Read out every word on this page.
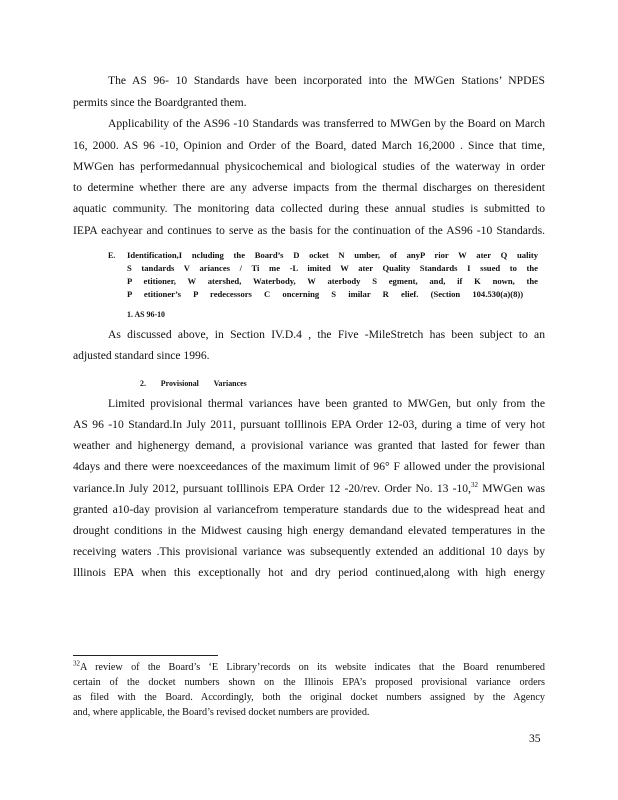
The AS 96- 10 Standards have been incorporated into the MWGen Stations’ NPDES
permits since the Boardgranted them.
Applicability of the AS96 -10 Standards was transferred to MWGen by the Board on March
16, 2000. AS 96 -10, Opinion and Order of the Board, dated March 16,2000 . Since that time,
MWGen has performedannual physicochemical and biological studies of the waterway in order
to determine whether there are any adverse impacts from the thermal discharges on theresident
aquatic community. The monitoring data collected during these annual studies is submitted to
IEPA eachyear and continues to serve as the basis for the continuation of the AS96 -10 Standards.
E. Identification,I ncluding the Board’s D ocket N umber, of anyP rior W ater Q uality
S tandards V ariances / Ti me -L imited W ater Quality Standards I ssued to the
P etitioner, W atershed, Waterbody, W aterbody S egment, and, if K nown, the
P etitioner’s P redecessors C oncerning S imilar R elief. (Section 104.530(a)(8))
1. AS 96-10
As discussed above, in Section IV.D.4 , the Five -MileStretch has been subject to an
adjusted standard since 1996.
2. Provisional Variances
Limited provisional thermal variances have been granted to MWGen, but only from the
AS 96 -10 Standard.In July 2011, pursuant toIllinois EPA Order 12-03, during a time of very hot
weather and highenergy demand, a provisional variance was granted that lasted for fewer than
4days and there were noexceedances of the maximum limit of 96° F allowed under the provisional
variance.In July 2012, pursuant toIllinois EPA Order 12 -20/rev. Order No. 13 -10,32 MWGen was
granted a10-day provision al variancefrom temperature standards due to the widespread heat and
drought conditions in the Midwest causing high energy demandand elevated temperatures in the
receiving waters .This provisional variance was subsequently extended an additional 10 days by
Illinois EPA when this exceptionally hot and dry period continued,along with high energy
$^{32}$A review of the Board’s ‘E Library’records on its website indicates that the Board renumbered
certain of the docket numbers shown on the Illinois EPA’s proposed provisional variance orders
as filed with the Board. Accordingly, both the original docket numbers assigned by the Agency
and, where applicable, the Board’s revised docket numbers are provided.
35
